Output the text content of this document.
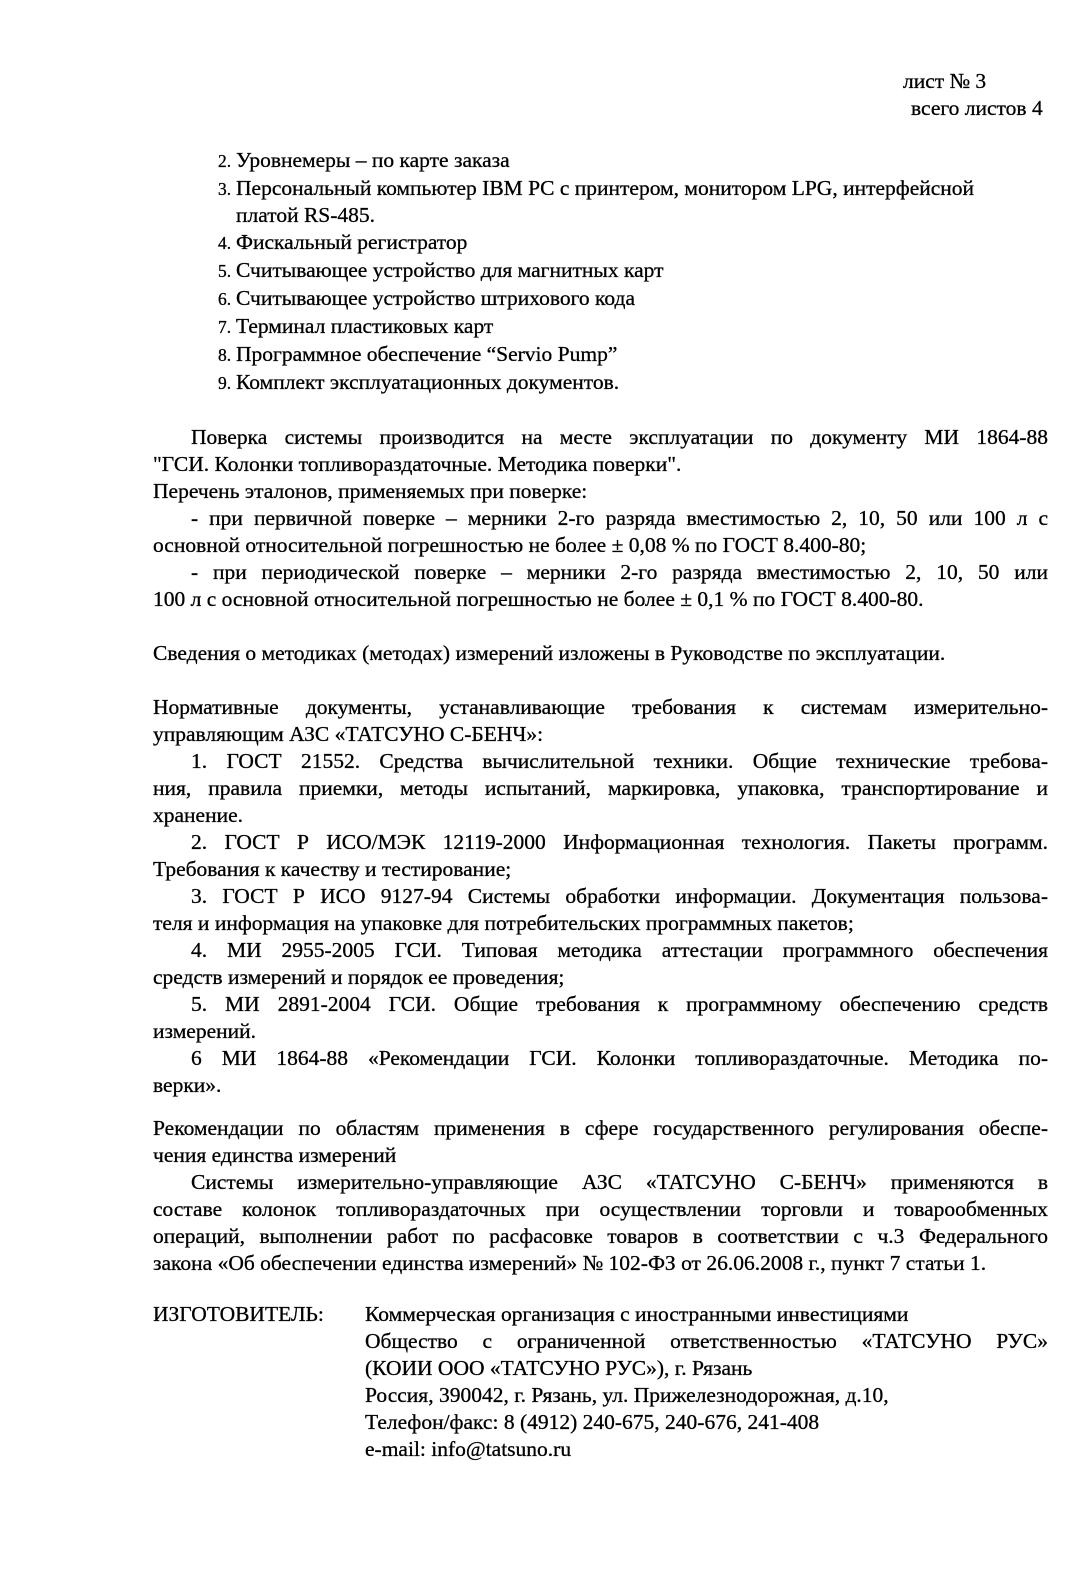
лист № 3
всего листов 4
2. Уровнемеры – по карте заказа
3. Персональный компьютер IBM PC с принтером, монитором LPG, интерфейсной
платой RS-485.
4. Фискальный регистратор
5. Считывающее устройство для магнитных карт
6. Считывающее устройство штрихового кода
7. Терминал пластиковых карт
8. Программное обеспечение “Servio Pump”
9. Комплект эксплуатационных документов.
Поверка системы производится на месте эксплуатации по документу МИ 1864-88
"ГСИ. Колонки топливораздаточные. Методика поверки".
Перечень эталонов, применяемых при поверке:
- при первичной поверке – мерники 2-го разряда вместимостью 2, 10, 50 или 100 л с
основной относительной погрешностью не более ± 0,08 % по ГОСТ 8.400-80;
- при периодической поверке – мерники 2-го разряда вместимостью 2, 10, 50 или
100 л с основной относительной погрешностью не более ± 0,1 % по ГОСТ 8.400-80.
Сведения о методиках (методах) измерений изложены в Руководстве по эксплуатации.
Нормативные документы, устанавливающие требования к системам измерительно-
управляющим АЗС «ТАТСУНО С-БЕНЧ»:
1. ГОСТ 21552. Средства вычислительной техники. Общие технические требова-
ния, правила приемки, методы испытаний, маркировка, упаковка, транспортирование и
хранение.
2. ГОСТ Р ИСО/МЭК 12119-2000 Информационная технология. Пакеты программ.
Требования к качеству и тестирование;
3. ГОСТ Р ИСО 9127-94 Системы обработки информации. Документация пользова-
теля и информация на упаковке для потребительских программных пакетов;
4. МИ 2955-2005 ГСИ. Типовая методика аттестации программного обеспечения
средств измерений и порядок ее проведения;
5. МИ 2891-2004 ГСИ. Общие требования к программному обеспечению средств
измерений.
6 МИ 1864-88 «Рекомендации ГСИ. Колонки топливораздаточные. Методика по-
верки».
Рекомендации по областям применения в сфере государственного регулирования обеспе-
чения единства измерений
Системы измерительно-управляющие АЗС «ТАТСУНО С-БЕНЧ» применяются в
составе колонок топливораздаточных при осуществлении торговли и товарообменных
операций, выполнении работ по расфасовке товаров в соответствии с ч.3 Федерального
закона «Об обеспечении единства измерений» № 102-ФЗ от 26.06.2008 г., пункт 7 статьи 1.
ИЗГОТОВИТЕЛЬ:	Коммерческая организация с иностранными инвестициями
Общество с ограниченной ответственностью «ТАТСУНО РУС»
(КОИИ ООО «ТАТСУНО РУС»), г. Рязань
Россия, 390042, г. Рязань, ул. Прижелезнодорожная, д.10,
Телефон/факс: 8 (4912) 240-675, 240-676, 241-408
e-mail: info@tatsuno.ru
